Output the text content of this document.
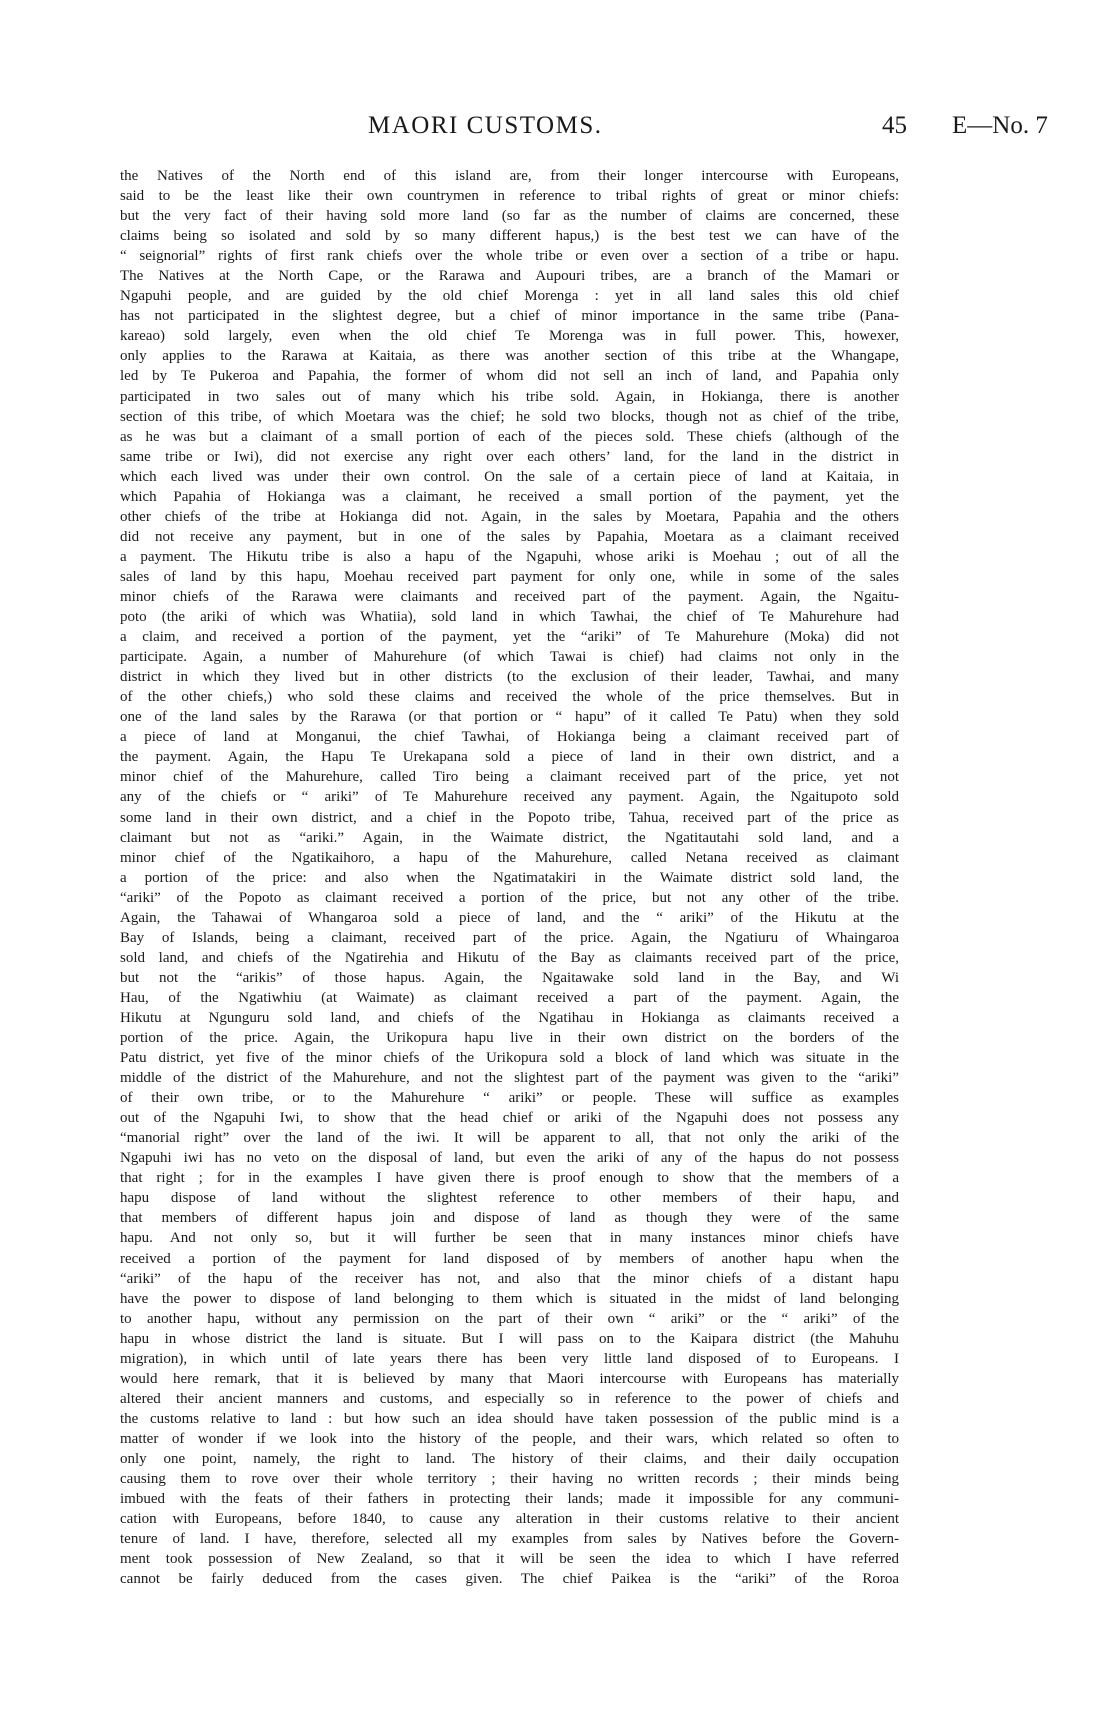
MAORI CUSTOMS.	45 E—No. 7
the Natives of the North end of this island are, from their longer intercourse with Europeans,
said to be the least like their own countrymen in reference to tribal rights of great or minor chiefs:
but the very fact of their having sold more land (so far as the number of claims are concerned, these
claims being so isolated and sold by so many different hapus,) is the best test we can have of the
“ seignorial” rights of first rank chiefs over the whole tribe or even over a section of a tribe or hapu.
The Natives at the North Cape, or the Rarawa and Aupouri tribes, are a branch of the Mamari or
Ngapuhi people, and are guided by the old chief Morenga : yet in all land sales this old chief
has not participated in the slightest degree, but a chief of minor importance in the same tribe (Pana-
kareao) sold largely, even when the old chief Te Morenga was in full power. This, howexer,
only applies to the Rarawa at Kaitaia, as there was another section of this tribe at the Whangape,
led by Te Pukeroa and Papahia, the former of whom did not sell an inch of land, and Papahia only
participated in two sales out of many which his tribe sold. Again, in Hokianga, there is another
section of this tribe, of which Moetara was the chief; he sold two blocks, though not as chief of the tribe,
as he was but a claimant of a small portion of each of the pieces sold. These chiefs (although of the
same tribe or Iwi), did not exercise any right over each others’ land, for the land in the district in
which each lived was under their own control. On the sale of a certain piece of land at Kaitaia, in
which Papahia of Hokianga was a claimant, he received a small portion of the payment, yet the
other chiefs of the tribe at Hokianga did not. Again, in the sales by Moetara, Papahia and the others
did not receive any payment, but in one of the sales by Papahia, Moetara as a claimant received
a payment. The Hikutu tribe is also a hapu of the Ngapuhi, whose ariki is Moehau ; out of all the
sales of land by this hapu, Moehau received part payment for only one, while in some of the sales
minor chiefs of the Rarawa were claimants and received part of the payment. Again, the Ngaitu-
poto (the ariki of which was Whatiia), sold land in which Tawhai, the chief of Te Mahurehure had
a claim, and received a portion of the payment, yet the “ariki” of Te Mahurehure (Moka) did not
participate. Again, a number of Mahurehure (of which Tawai is chief) had claims not only in the
district in which they lived but in other districts (to the exclusion of their leader, Tawhai, and many
of the other chiefs,) who sold these claims and received the whole of the price themselves. But in
one of the land sales by the Rarawa (or that portion or “ hapu” of it called Te Patu) when they sold
a piece of land at Monganui, the chief Tawhai, of Hokianga being a claimant received part of
the payment. Again, the Hapu Te Urekapana sold a piece of land in their own district, and a
minor chief of the Mahurehure, called Tiro being a claimant received part of the price, yet not
any of the chiefs or “ ariki” of Te Mahurehure received any payment. Again, the Ngaitupoto sold
some land in their own district, and a chief in the Popoto tribe, Tahua, received part of the price as
claimant but not as “ariki.” Again, in the Waimate district, the Ngatitautahi sold land, and a
minor chief of the Ngatikaihoro, a hapu of the Mahurehure, called Netana received as claimant
a portion of the price: and also when the Ngatimatakiri in the Waimate district sold land, the
“ariki” of the Popoto as claimant received a portion of the price, but not any other of the tribe.
Again, the Tahawai of Whangaroa sold a piece of land, and the “ ariki” of the Hikutu at the
Bay of Islands, being a claimant, received part of the price. Again, the Ngatiuru of Whaingaroa
sold land, and chiefs of the Ngatirehia and Hikutu of the Bay as claimants received part of the price,
but not the “arikis” of those hapus. Again, the Ngaitawake sold land in the Bay, and Wi
Hau, of the Ngatiwhiu (at Waimate) as claimant received a part of the payment. Again, the
Hikutu at Ngunguru sold land, and chiefs of the Ngatihau in Hokianga as claimants received a
portion of the price. Again, the Urikopura hapu live in their own district on the borders of the
Patu district, yet five of the minor chiefs of the Urikopura sold a block of land which was situate in the
middle of the district of the Mahurehure, and not the slightest part of the payment was given to the “ariki”
of their own tribe, or to the Mahurehure “ ariki” or people. These will suffice as examples
out of the Ngapuhi Iwi, to show that the head chief or ariki of the Ngapuhi does not possess any
“manorial right” over the land of the iwi. It will be apparent to all, that not only the ariki of the
Ngapuhi iwi has no veto on the disposal of land, but even the ariki of any of the hapus do not possess
that right ; for in the examples I have given there is proof enough to show that the members of a
hapu dispose of land without the slightest reference to other members of their hapu, and
that members of different hapus join and dispose of land as though they were of the same
hapu. And not only so, but it will further be seen that in many instances minor chiefs have
received a portion of the payment for land disposed of by members of another hapu when the
“ariki” of the hapu of the receiver has not, and also that the minor chiefs of a distant hapu
have the power to dispose of land belonging to them which is situated in the midst of land belonging
to another hapu, without any permission on the part of their own “ ariki” or the “ ariki” of the
hapu in whose district the land is situate. But I will pass on to the Kaipara district (the Mahuhu
migration), in which until of late years there has been very little land disposed of to Europeans. I
would here remark, that it is believed by many that Maori intercourse with Europeans has materially
altered their ancient manners and customs, and especially so in reference to the power of chiefs and
the customs relative to land : but how such an idea should have taken possession of the public mind is a
matter of wonder if we look into the history of the people, and their wars, which related so often to
only one point, namely, the right to land. The history of their claims, and their daily occupation
causing them to rove over their whole territory ; their having no written records ; their minds being
imbued with the feats of their fathers in protecting their lands; made it impossible for any communi-
cation with Europeans, before 1840, to cause any alteration in their customs relative to their ancient
tenure of land. I have, therefore, selected all my examples from sales by Natives before the Govern-
ment took possession of New Zealand, so that it will be seen the idea to which I have referred
cannot be fairly deduced from the cases given. The chief Paikea is the “ariki” of the Roroa
